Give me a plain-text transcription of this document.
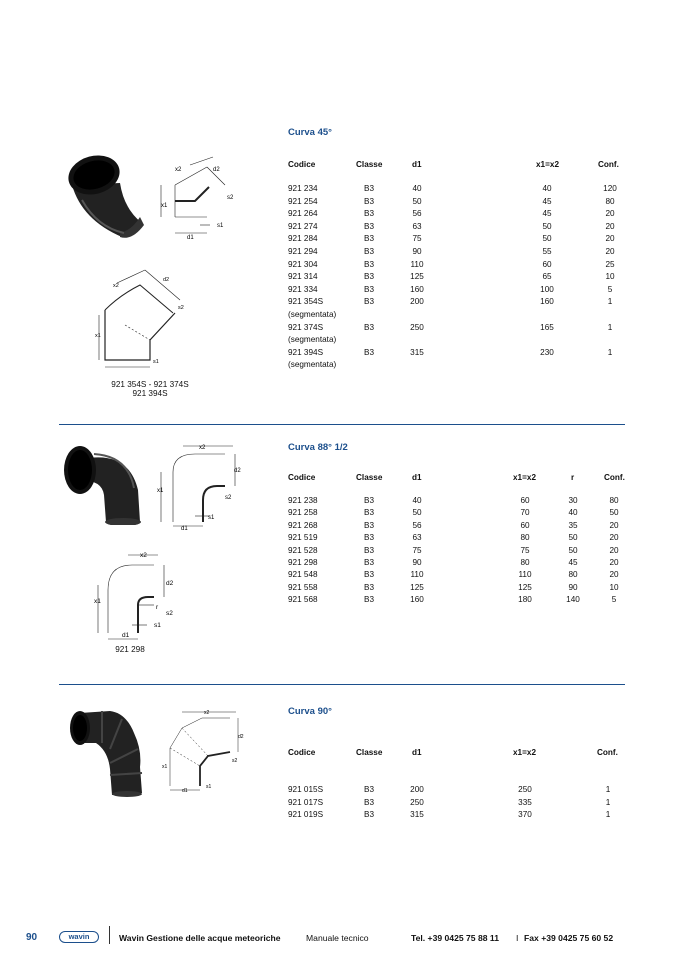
Curva 45°
x2	d2
s2
x1
s1
d1
x2
d2
s2
x1
s1
921 354S - 921 374S
921 394S
Codice	Classe	d1	x1=x2	Conf.
921 234	B3	40	40	120
921 254	B3	50	45	80
921 264	B3	56	45	20
921 274	B3	63	50	20
921 284	B3	75	50	20
921 294	B3	90	55	20
921 304	B3	110	60	25
921 314	B3	125	65	10
921 334	B3	160	100	5
921 354S	B3	200	160	1
(segmentata)
921 374S	B3	250	165	1
(segmentata)
921 394S	B3	315	230	1
(segmentata)
Curva 88° 1/2
x2
d2
s2
x1
s1
d1
x2
d2
r
s2
x1
s1
d1
921 298
Codice	Classe	d1	x1=x2	r	Conf.
921 238	B3	40	60	30	80
921 258	B3	50	70	40	50
921 268	B3	56	60	35	20
921 519	B3	63	80	50	20
921 528	B3	75	75	50	20
921 298	B3	90	80	45	20
921 548	B3	110	110	80	20
921 558	B3	125	125	90	10
921 568	B3	160	180	140	5
Curva 90°
x2
d2
s2
x1
s1
d1
Codice	Classe	d1	x1=x2	Conf.
921 015S	B3	200	250	1
921 017S	B3	250	335	1
921 019S	B3	315	370	1
90	wavin	Wavin Gestione delle acque meteoriche	Manuale tecnico	Tel. +39 0425 75 88 11 I Fax +39 0425 75 60 52
